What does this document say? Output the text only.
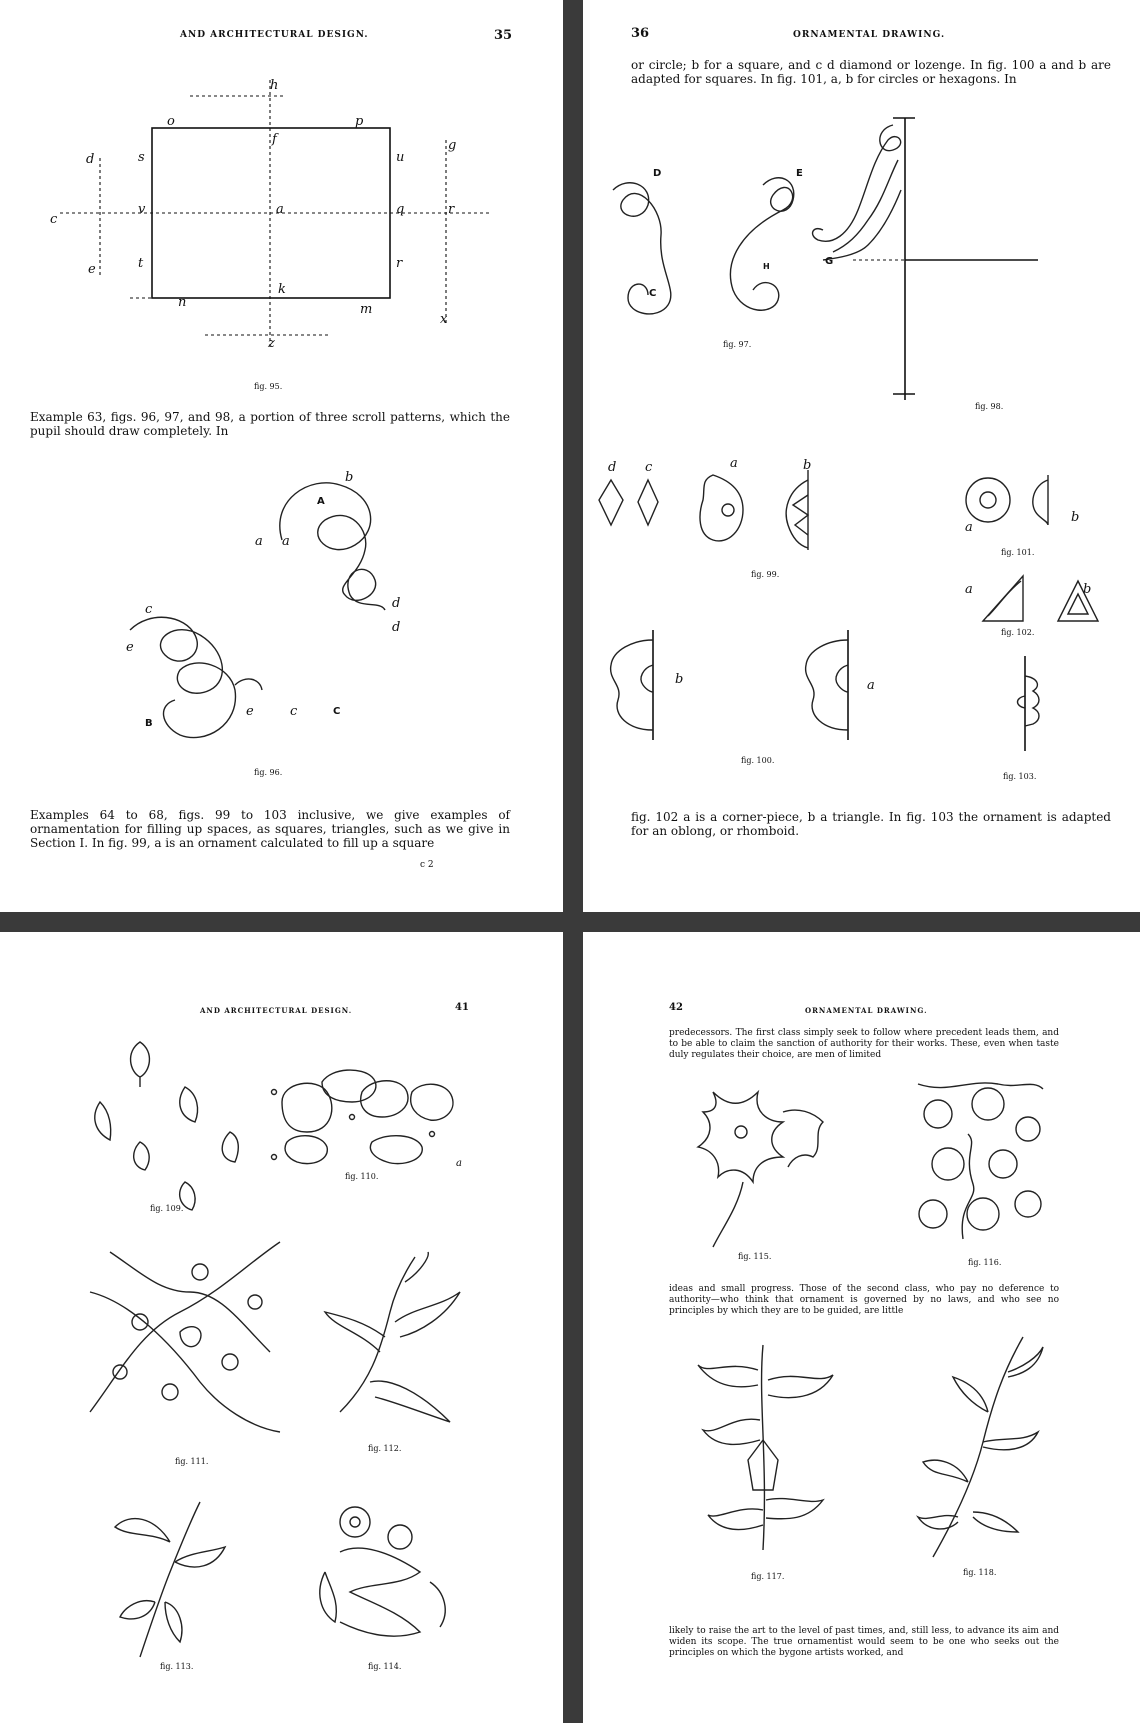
AND ARCHITECTURAL DESIGN.	35
h
o	p
f
d	s	u
g
c
v	a	q	r
e	t	r
k
n	m
x
z
fig. 95.
Example 63, figs. 96, 97, and 98, a portion of three scroll patterns, which the pupil should draw completely. In
A
b
a a
d
d
c
e
B
e	c	C
fig. 96.
Examples 64 to 68, figs. 99 to 103 inclusive, we give examples of ornamentation for filling up spaces, as squares, triangles, such as we give in Section I. In fig. 99, a is an ornament calculated to fill up a square
c 2
36	ORNAMENTAL DRAWING.
or circle; b for a square, and c d diamond or lozenge. In fig. 100 a and b are adapted for squares. In fig. 101, a, b for circles or hexagons. In
D	E
C
H
fig. 97.
G
fig. 98.
d c	a	b
fig. 99.
a
b
fig. 101.
a	b
fig. 102.
b	a
fig. 100.
fig. 103.
fig. 102 a is a corner-piece, b a triangle. In fig. 103 the ornament is adapted for an oblong, or rhomboid.
AND ARCHITECTURAL DESIGN.	41
fig. 109.
a
fig. 110.
fig. 111.
fig. 112.
fig. 113.	fig. 114.
42	ORNAMENTAL DRAWING.
predecessors. The first class simply seek to follow where precedent leads them, and to be able to claim the sanction of authority for their works. These, even when taste duly regulates their choice, are men of limited
fig. 115.
fig. 116.
ideas and small progress. Those of the second class, who pay no deference to authority—who think that ornament is governed by no laws, and who see no principles by which they are to be guided, are little
fig. 117.	fig. 118.
likely to raise the art to the level of past times, and, still less, to advance its aim and widen its scope. The true ornamentist would seem to be one who seeks out the principles on which the bygone artists worked, and
